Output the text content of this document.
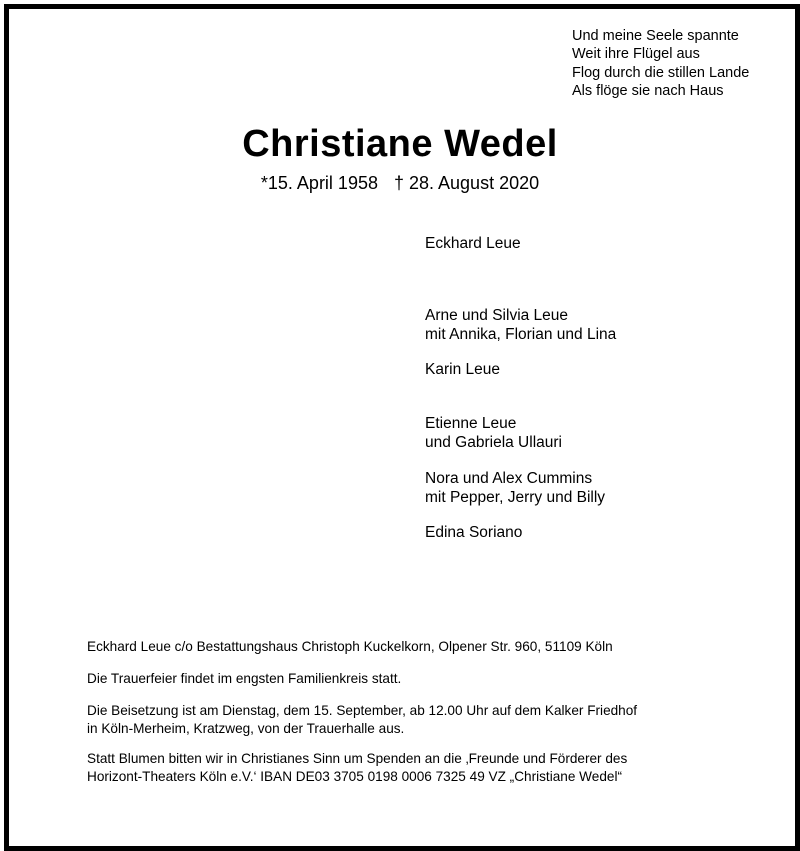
Und meine Seele spannte
Weit ihre Flügel aus
Flog durch die stillen Lande
Als flöge sie nach Haus
Christiane Wedel
*15. April 1958 † 28. August 2020
Eckhard Leue
Arne und Silvia Leue
mit Annika, Florian und Lina
Karin Leue
Etienne Leue
und Gabriela Ullauri
Nora und Alex Cummins
mit Pepper, Jerry und Billy
Edina Soriano
Eckhard Leue c/o Bestattungshaus Christoph Kuckelkorn, Olpener Str. 960, 51109 Köln
Die Trauerfeier findet im engsten Familienkreis statt.
Die Beisetzung ist am Dienstag, dem 15. September, ab 12.00 Uhr auf dem Kalker Friedhof
in Köln-Merheim, Kratzweg, von der Trauerhalle aus.
Statt Blumen bitten wir in Christianes Sinn um Spenden an die ‚Freunde und Förderer des
Horizont-Theaters Köln e.V.‘ IBAN DE03 3705 0198 0006 7325 49 VZ „Christiane Wedel“
